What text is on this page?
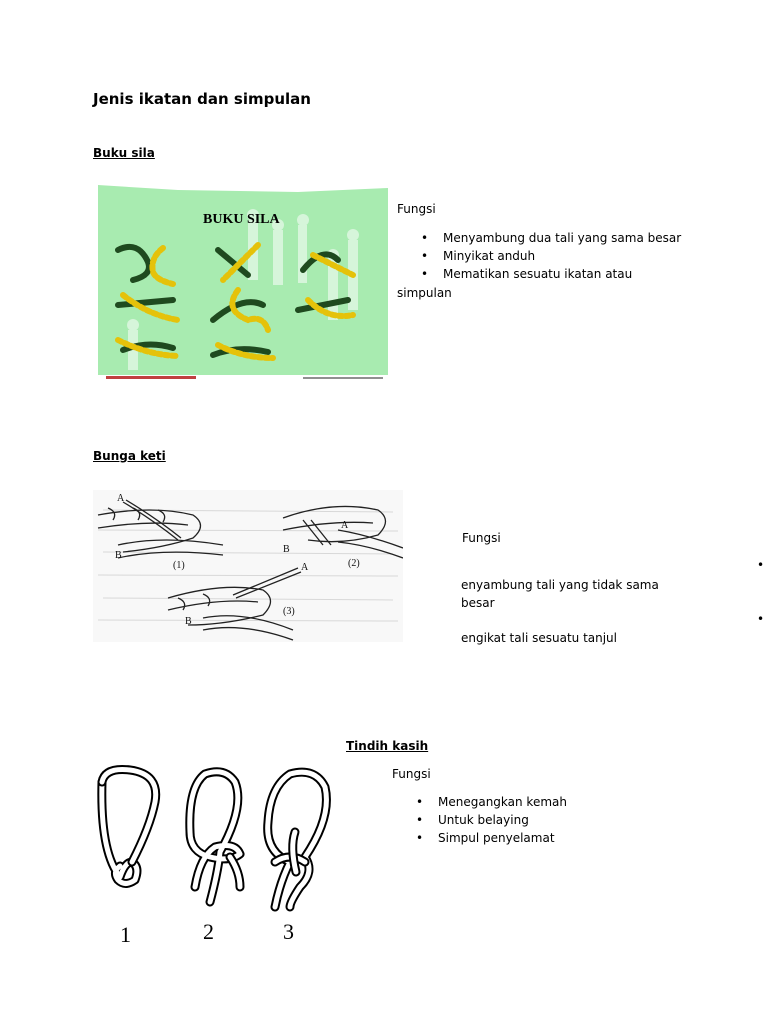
Jenis ikatan dan simpulan
Buku sila
BUKU SILA
Fungsi
• Menyambung dua tali yang sama besar
• Minyikat anduh
• Mematikan sesuatu ikatan atau
simpulan
Bunga keti
A
B
(1)
A
B
(2)
A
B
(3)
Fungsi
enyambung tali yang tidak sama
besar
engikat tali sesuatu tanjul
•
•
Tindih kasih
1	2	3
Fungsi
• Menegangkan kemah
• Untuk belaying
• Simpul penyelamat
